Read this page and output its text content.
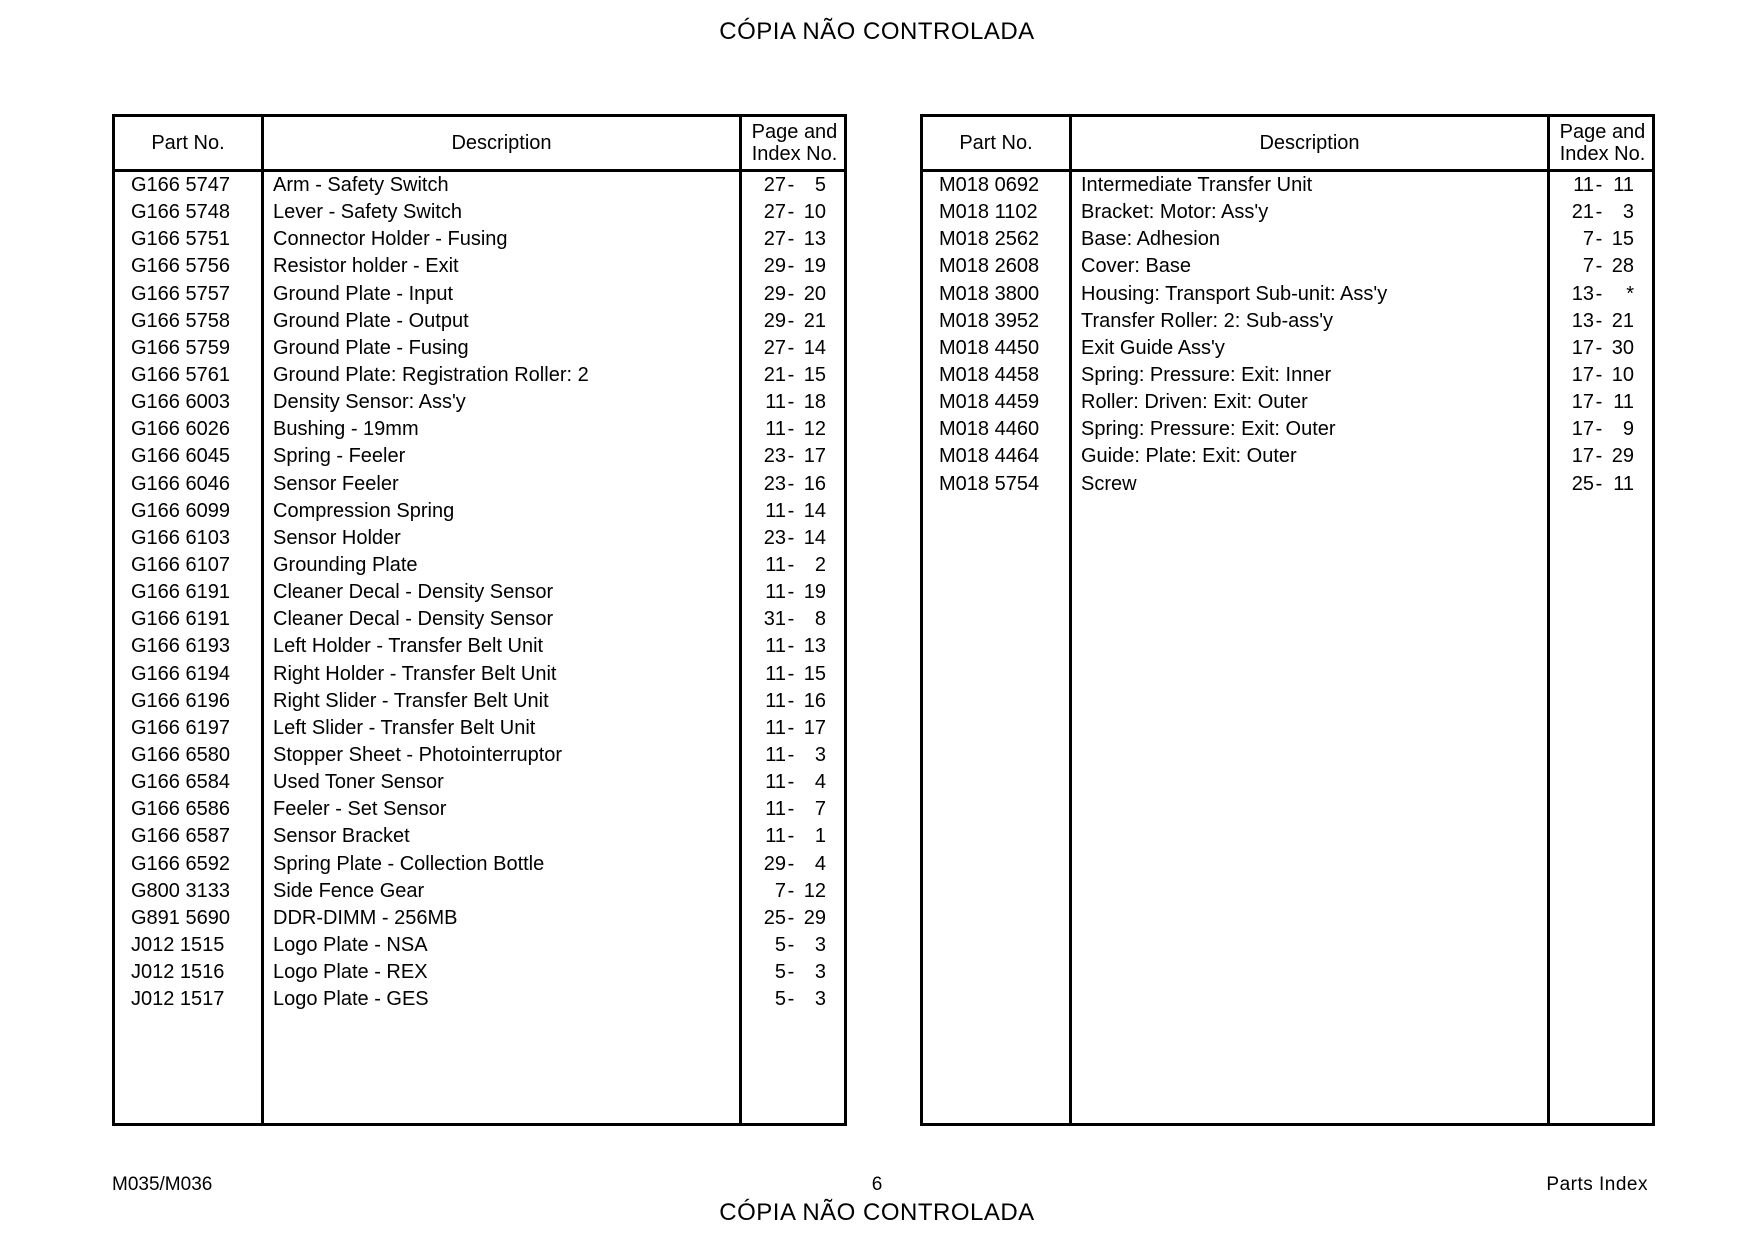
CÓPIA NÃO CONTROLADA
Part No.	Description	Page and
Index No.
G166 5747	Arm - Safety Switch	27- 5
G166 5748	Lever - Safety Switch	27- 10
G166 5751	Connector Holder - Fusing	27- 13
G166 5756	Resistor holder - Exit	29- 19
G166 5757	Ground Plate - Input	29- 20
G166 5758	Ground Plate - Output	29- 21
G166 5759	Ground Plate - Fusing	27- 14
G166 5761	Ground Plate: Registration Roller: 2	21- 15
G166 6003	Density Sensor: Ass'y	11- 18
G166 6026	Bushing - 19mm	11- 12
G166 6045	Spring - Feeler	23- 17
G166 6046	Sensor Feeler	23- 16
G166 6099	Compression Spring	11- 14
G166 6103	Sensor Holder	23- 14
G166 6107	Grounding Plate	11- 2
G166 6191	Cleaner Decal - Density Sensor	11- 19
G166 6191	Cleaner Decal - Density Sensor	31- 8
G166 6193	Left Holder - Transfer Belt Unit	11- 13
G166 6194	Right Holder - Transfer Belt Unit	11- 15
G166 6196	Right Slider - Transfer Belt Unit	11- 16
G166 6197	Left Slider - Transfer Belt Unit	11- 17
G166 6580	Stopper Sheet - Photointerruptor	11- 3
G166 6584	Used Toner Sensor	11- 4
G166 6586	Feeler - Set Sensor	11- 7
G166 6587	Sensor Bracket	11- 1
G166 6592	Spring Plate - Collection Bottle	29- 4
G800 3133	Side Fence Gear	7- 12
G891 5690	DDR-DIMM - 256MB	25- 29
J012 1515	Logo Plate - NSA	5- 3
J012 1516	Logo Plate - REX	5- 3
J012 1517	Logo Plate - GES	5- 3
Part No.	Description	Page and
Index No.
M018 0692	Intermediate Transfer Unit	11- 11
M018 1102	Bracket: Motor: Ass'y	21- 3
M018 2562	Base: Adhesion	7- 15
M018 2608	Cover: Base	7- 28
M018 3800	Housing: Transport Sub-unit: Ass'y	13- *
M018 3952	Transfer Roller: 2: Sub-ass'y	13- 21
M018 4450	Exit Guide Ass'y	17- 30
M018 4458	Spring: Pressure: Exit: Inner	17- 10
M018 4459	Roller: Driven: Exit: Outer	17- 11
M018 4460	Spring: Pressure: Exit: Outer	17- 9
M018 4464	Guide: Plate: Exit: Outer	17- 29
M018 5754	Screw	25- 11
M035/M036	6	Parts Index
CÓPIA NÃO CONTROLADA
